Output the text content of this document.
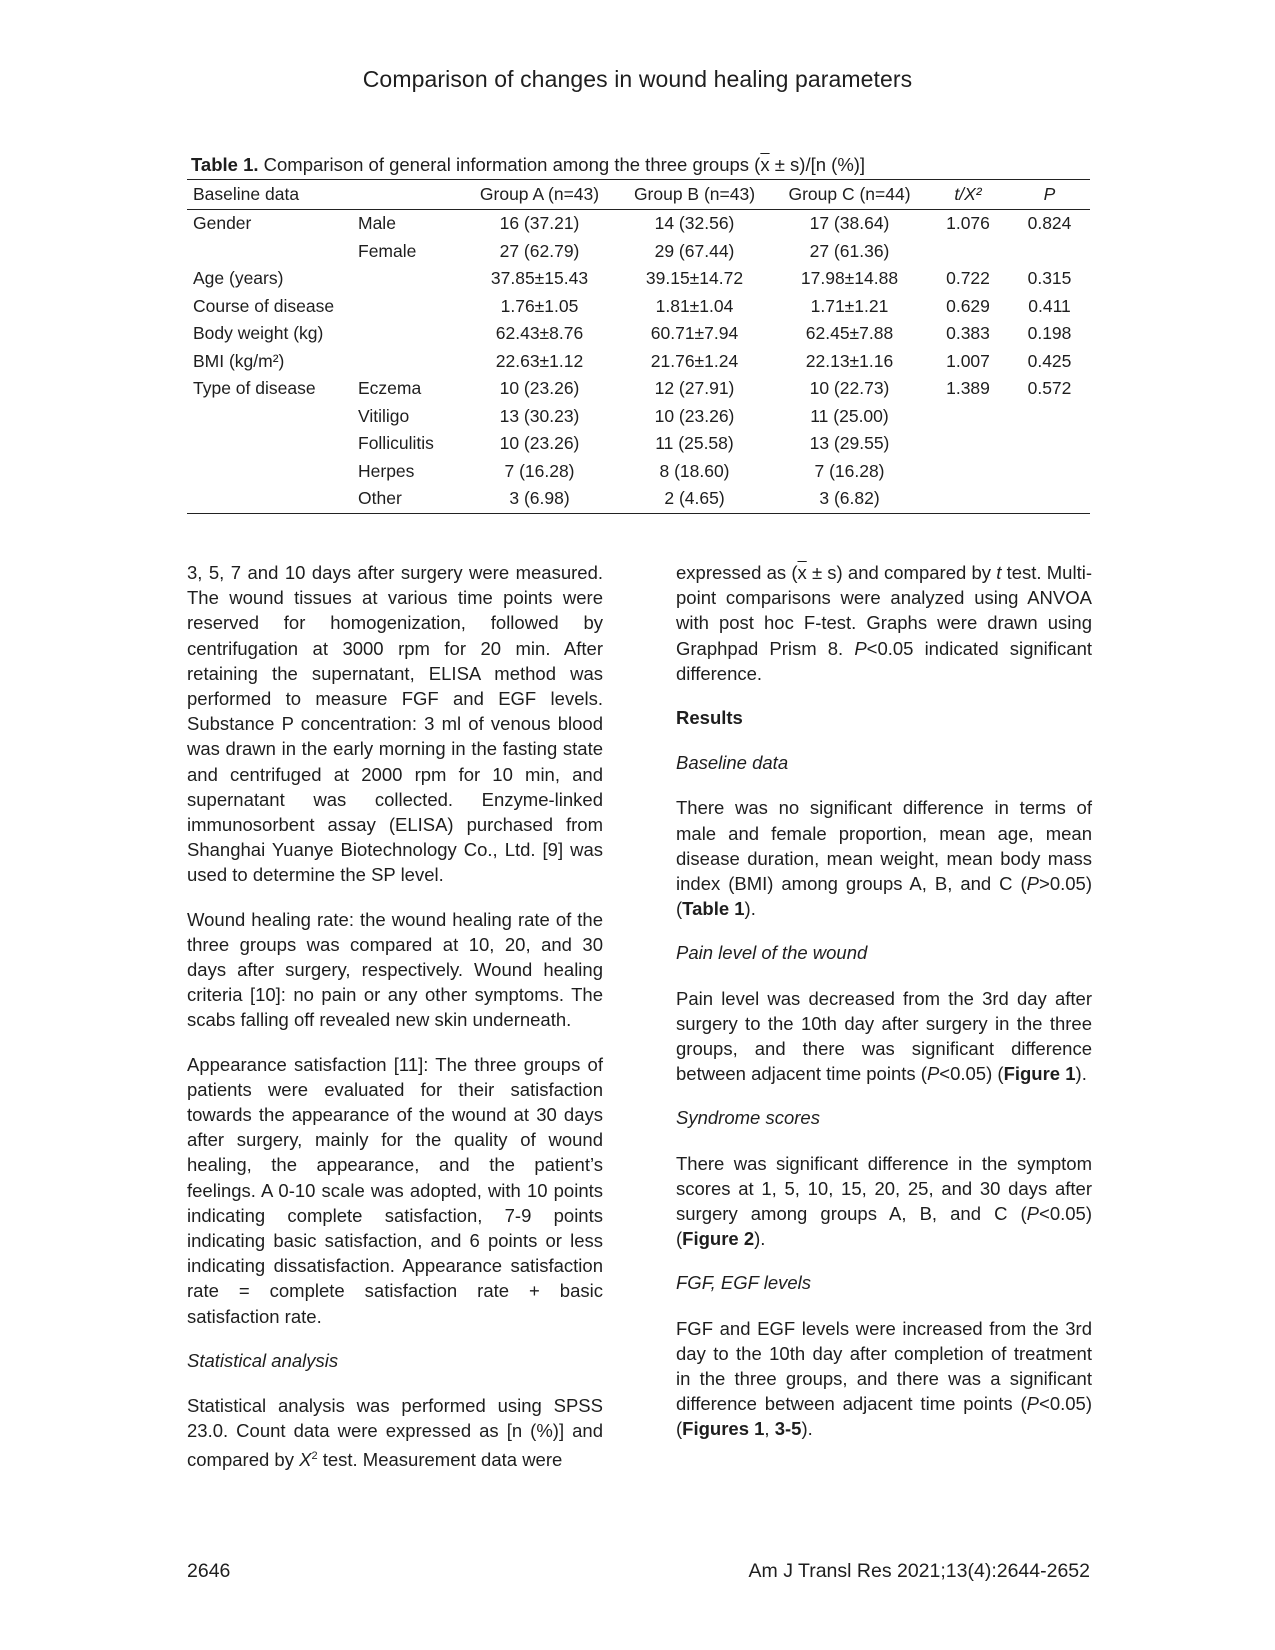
Comparison of changes in wound healing parameters
Table 1. Comparison of general information among the three groups $(\overline{x} \pm s)/[n$ (%)]
Baseline data		Group A (n=43)	Group B (n=43)	Group C (n=44)	t/X²	P
Gender	Male	16 (37.21)	14 (32.56)	17 (38.64)	1.076	0.824
	Female	27 (62.79)	29 (67.44)	27 (61.36)		
Age (years)		37.85±15.43	39.15±14.72	17.98±14.88	0.722	0.315
Course of disease		1.76±1.05	1.81±1.04	1.71±1.21	0.629	0.411
Body weight (kg)		62.43±8.76	60.71±7.94	62.45±7.88	0.383	0.198
BMI (kg/m²)		22.63±1.12	21.76±1.24	22.13±1.16	1.007	0.425
Type of disease	Eczema	10 (23.26)	12 (27.91)	10 (22.73)	1.389	0.572
	Vitiligo	13 (30.23)	10 (23.26)	11 (25.00)		
	Folliculitis	10 (23.26)	11 (25.58)	13 (29.55)		
	Herpes	7 (16.28)	8 (18.60)	7 (16.28)		
	Other	3 (6.98)	2 (4.65)	3 (6.82)		

3, 5, 7 and 10 days after surgery were measured. The wound tissues at various time points were reserved for homogenization, followed by centrifugation at 3000 rpm for 20 min. After retaining the supernatant, ELISA method was performed to measure FGF and EGF levels. Substance P concentration: 3 ml of venous blood was drawn in the early morning in the fasting state and centrifuged at 2000 rpm for 10 min, and supernatant was collected. Enzyme-linked immunosorbent assay (ELISA) purchased from Shanghai Yuanye Biotechnology Co., Ltd. [9] was used to determine the SP level.

Wound healing rate: the wound healing rate of the three groups was compared at 10, 20, and 30 days after surgery, respectively. Wound healing criteria [10]: no pain or any other symptoms. The scabs falling off revealed new skin underneath.

Appearance satisfaction [11]: The three groups of patients were evaluated for their satisfaction towards the appearance of the wound at 30 days after surgery, mainly for the quality of wound healing, the appearance, and the patient’s feelings. A 0-10 scale was adopted, with 10 points indicating complete satisfaction, 7-9 points indicating basic satisfaction, and 6 points or less indicating dissatisfaction. Appearance satisfaction rate = complete satisfaction rate + basic satisfaction rate.

Statistical analysis

Statistical analysis was performed using SPSS 23.0. Count data were expressed as [n (%)] and compared by $X^2$ test. Measurement data were

expressed as $(\overline{x} \pm s)$ and compared by t test. Multi-point comparisons were analyzed using ANVOA with post hoc F-test. Graphs were drawn using Graphpad Prism 8. P<0.05 indicated significant difference.

Results

Baseline data

There was no significant difference in terms of male and female proportion, mean age, mean disease duration, mean weight, mean body mass index (BMI) among groups A, B, and C (P>0.05) (Table 1).

Pain level of the wound

Pain level was decreased from the 3rd day after surgery to the 10th day after surgery in the three groups, and there was significant difference between adjacent time points (P<0.05) (Figure 1).

Syndrome scores

There was significant difference in the symptom scores at 1, 5, 10, 15, 20, 25, and 30 days after surgery among groups A, B, and C (P<0.05) (Figure 2).

FGF, EGF levels

FGF and EGF levels were increased from the 3rd day to the 10th day after completion of treatment in the three groups, and there was a significant difference between adjacent time points (P<0.05) (Figures 1, 3-5).

2646	Am J Transl Res 2021;13(4):2644-2652
